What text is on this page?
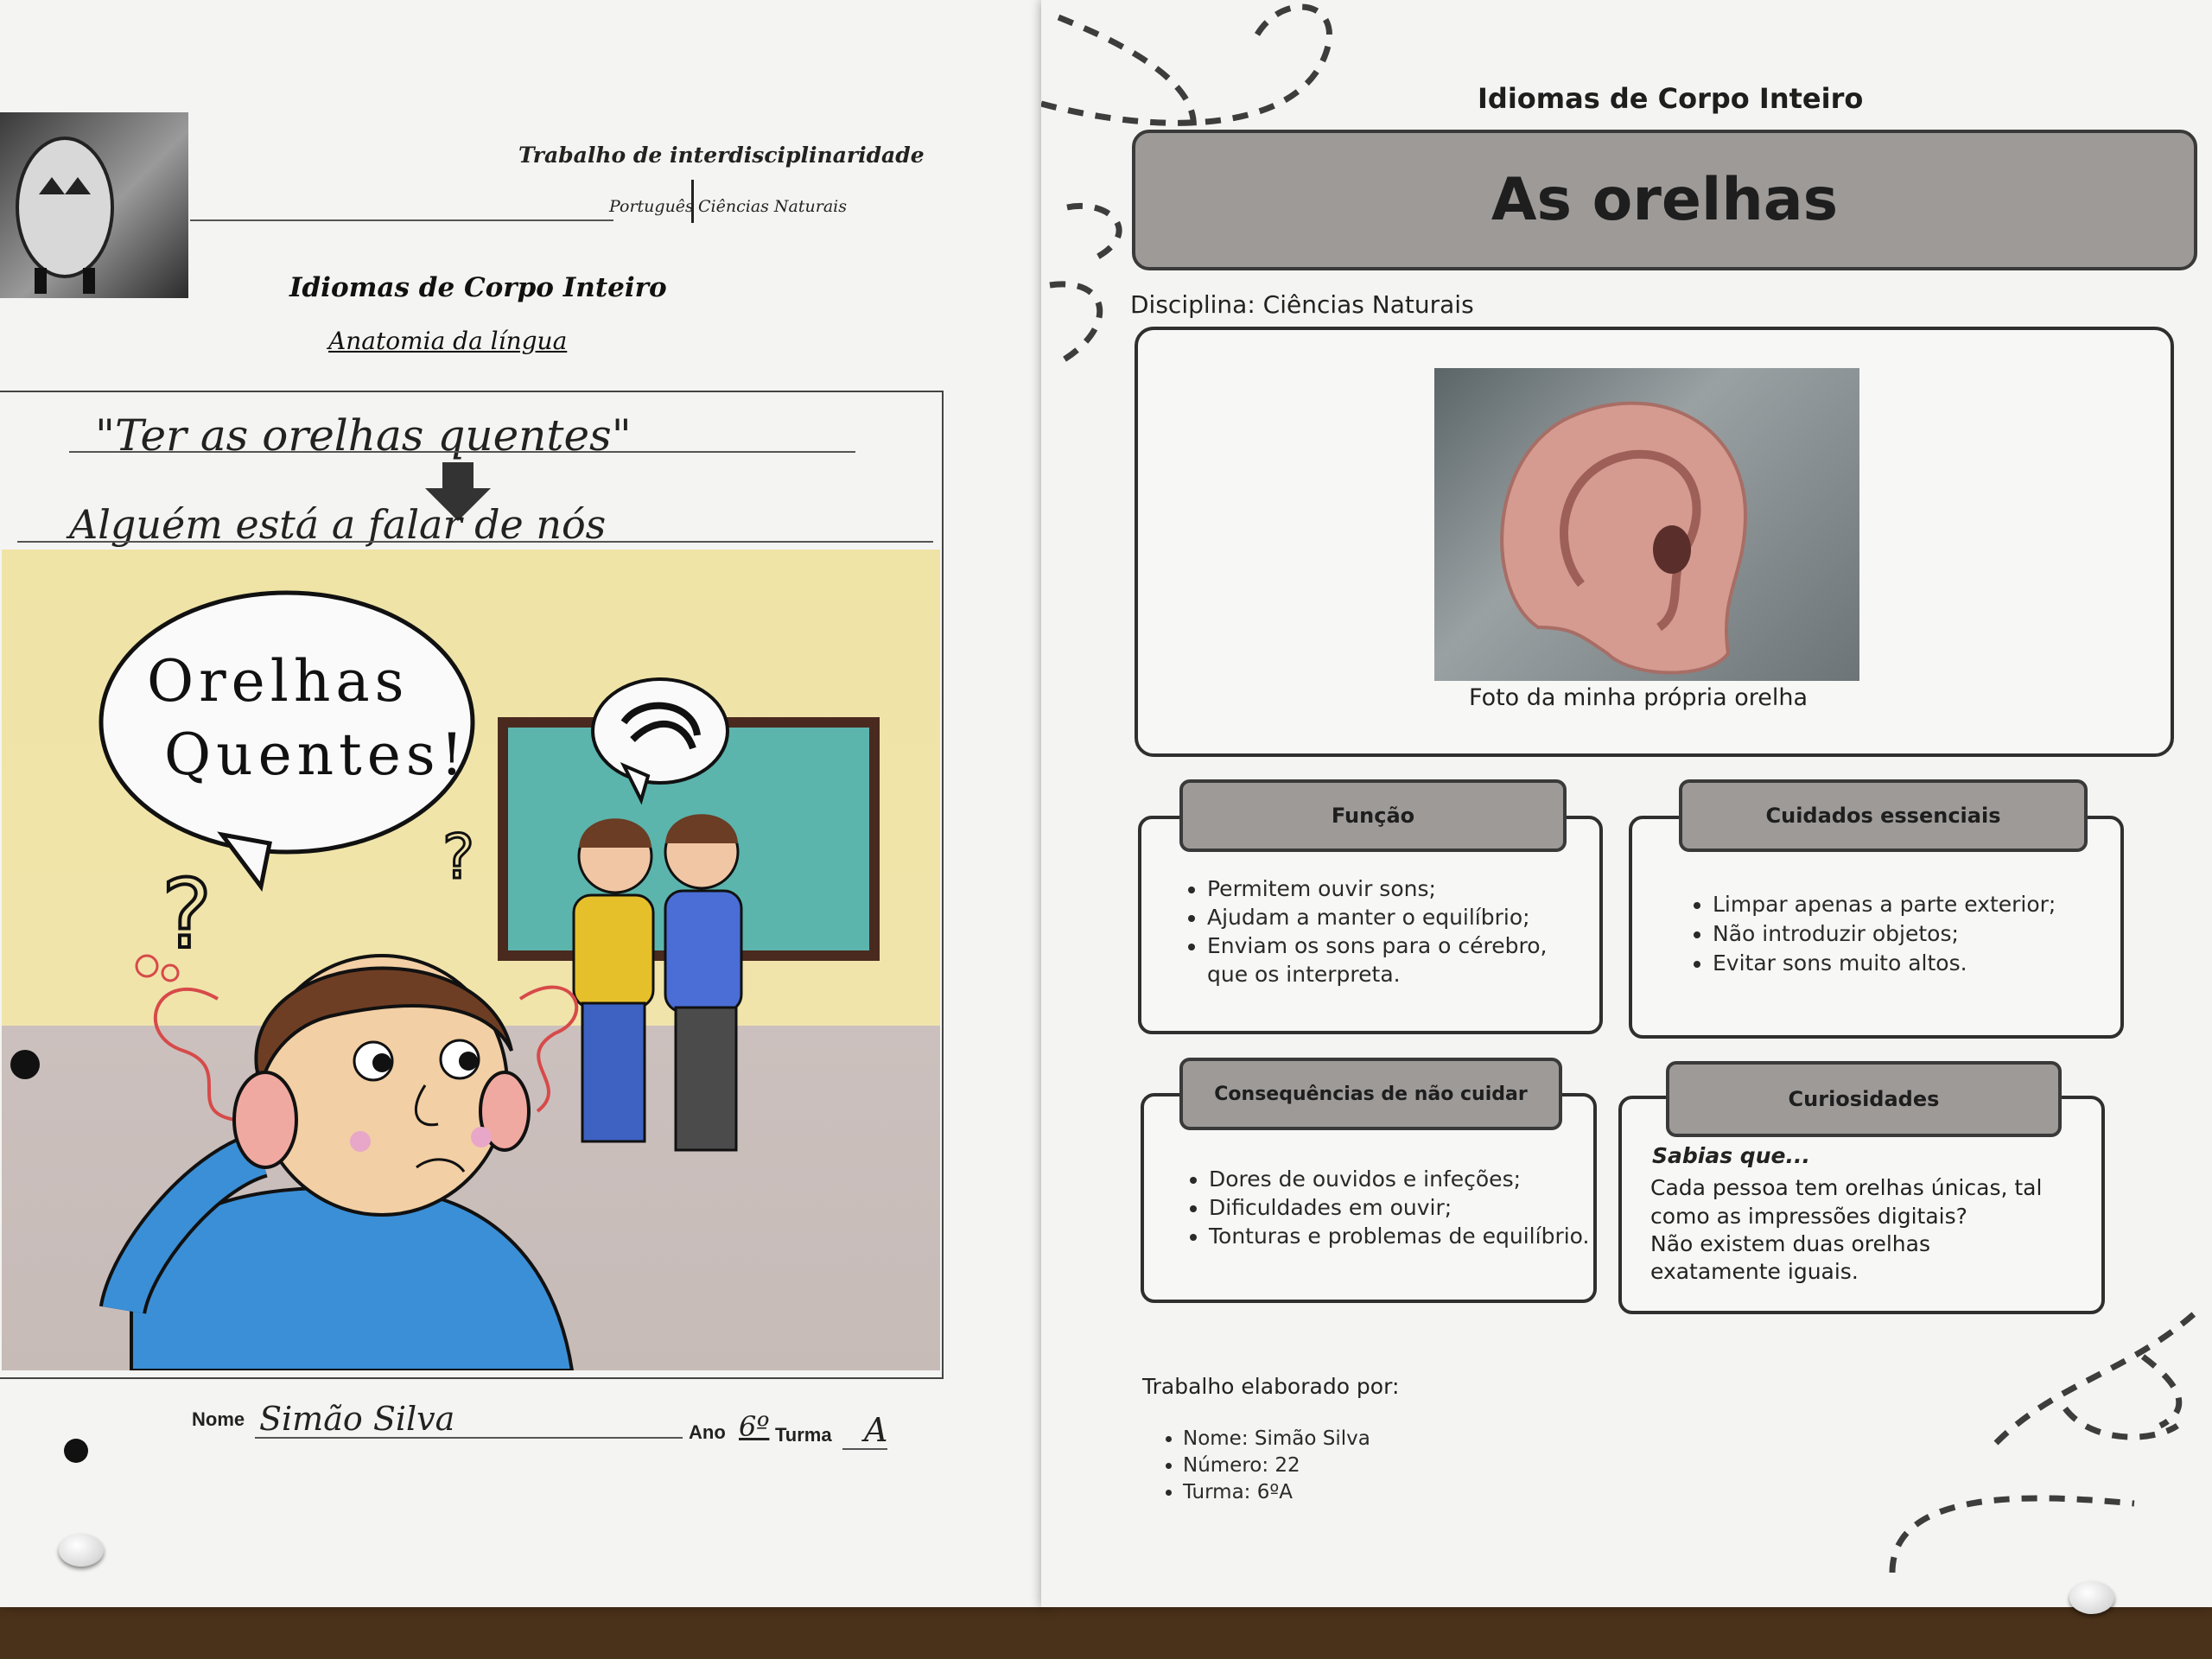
Trabalho de interdisciplinaridade
Português Ciências Naturais
Idiomas de Corpo Inteiro
Anatomia da língua
"Ter as orelhas quentes"
Alguém está a falar de nós
?
?
Orelhas
Quentes!
Nome Simão Silva	Ano 6º Turma A
Idiomas de Corpo Inteiro
As orelhas
Disciplina: Ciências Naturais
Foto da minha própria orelha
Função
• Permitem ouvir sons;
• Ajudam a manter o equilíbrio;
• Enviam os sons para o cérebro, que os interpreta.
Cuidados essenciais
• Limpar apenas a parte exterior;
• Não introduzir objetos;
• Evitar sons muito altos.
Consequências de não cuidar
• Dores de ouvidos e infeções;
• Dificuldades em ouvir;
• Tonturas e problemas de equilíbrio.
Curiosidades
Sabias que...
Cada pessoa tem orelhas únicas, tal
como as impressões digitais?
Não existem duas orelhas
exatamente iguais.
Trabalho elaborado por:
• Nome: Simão Silva
• Número: 22
• Turma: 6ºA
